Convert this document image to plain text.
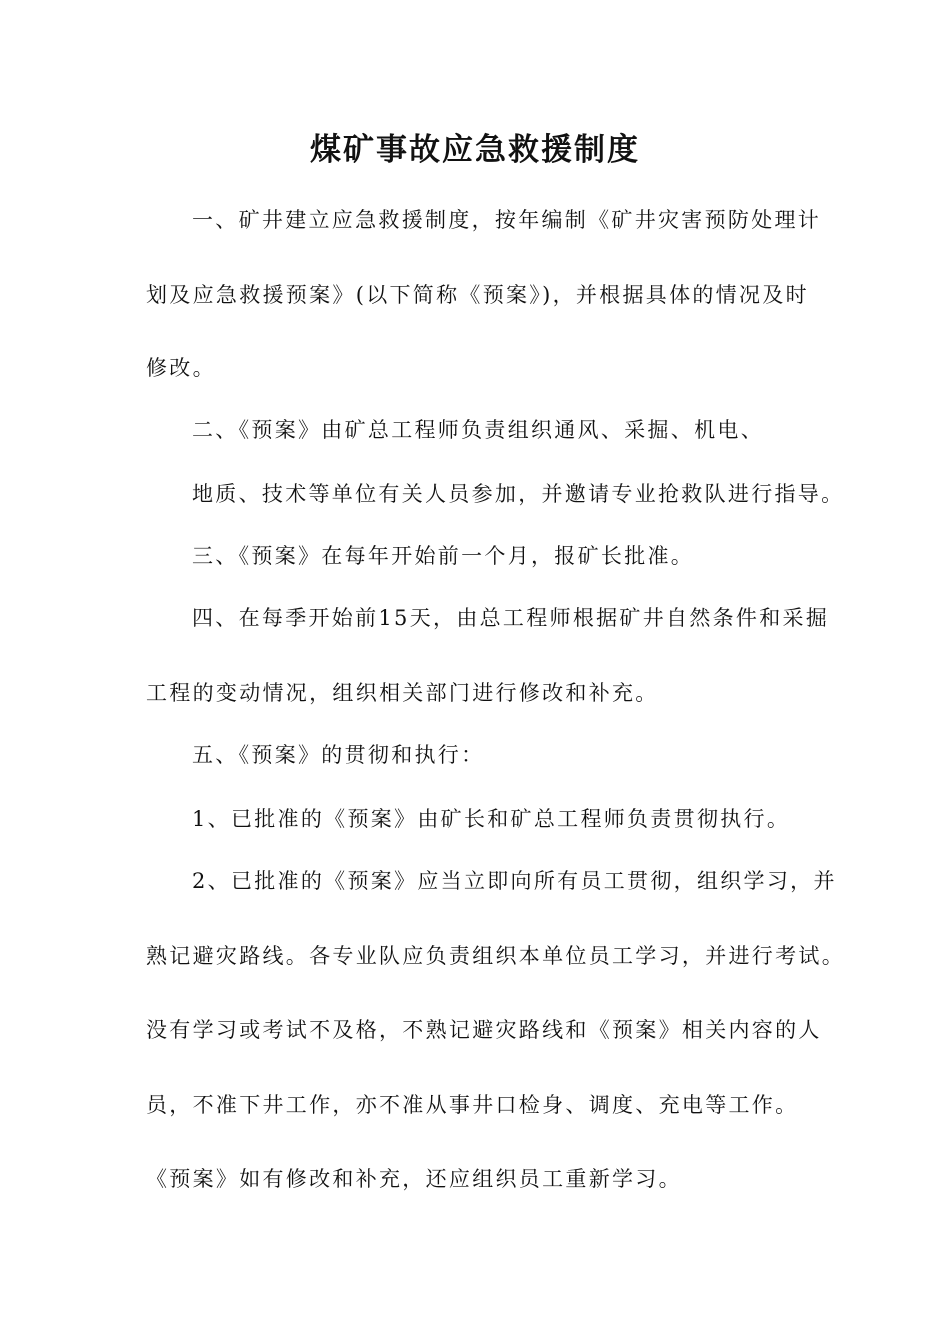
煤矿事故应急救援制度

一、矿井建立应急救援制度，按年编制《矿井灾害预防处理计

划及应急救援预案》(以下简称《预案》)，并根据具体的情况及时

修改。

二、《预案》由矿总工程师负责组织通风、采掘、机电、

地质、技术等单位有关人员参加，并邀请专业抢救队进行指导。

三、《预案》在每年开始前一个月，报矿长批准。

四、在每季开始前15天，由总工程师根据矿井自然条件和采掘

工程的变动情况，组织相关部门进行修改和补充。

五、《预案》的贯彻和执行：

1、已批准的《预案》由矿长和矿总工程师负责贯彻执行。

2、已批准的《预案》应当立即向所有员工贯彻，组织学习，并

熟记避灾路线。各专业队应负责组织本单位员工学习，并进行考试。

没有学习或考试不及格，不熟记避灾路线和《预案》相关内容的人

员，不准下井工作，亦不准从事井口检身、调度、充电等工作。

《预案》如有修改和补充，还应组织员工重新学习。
